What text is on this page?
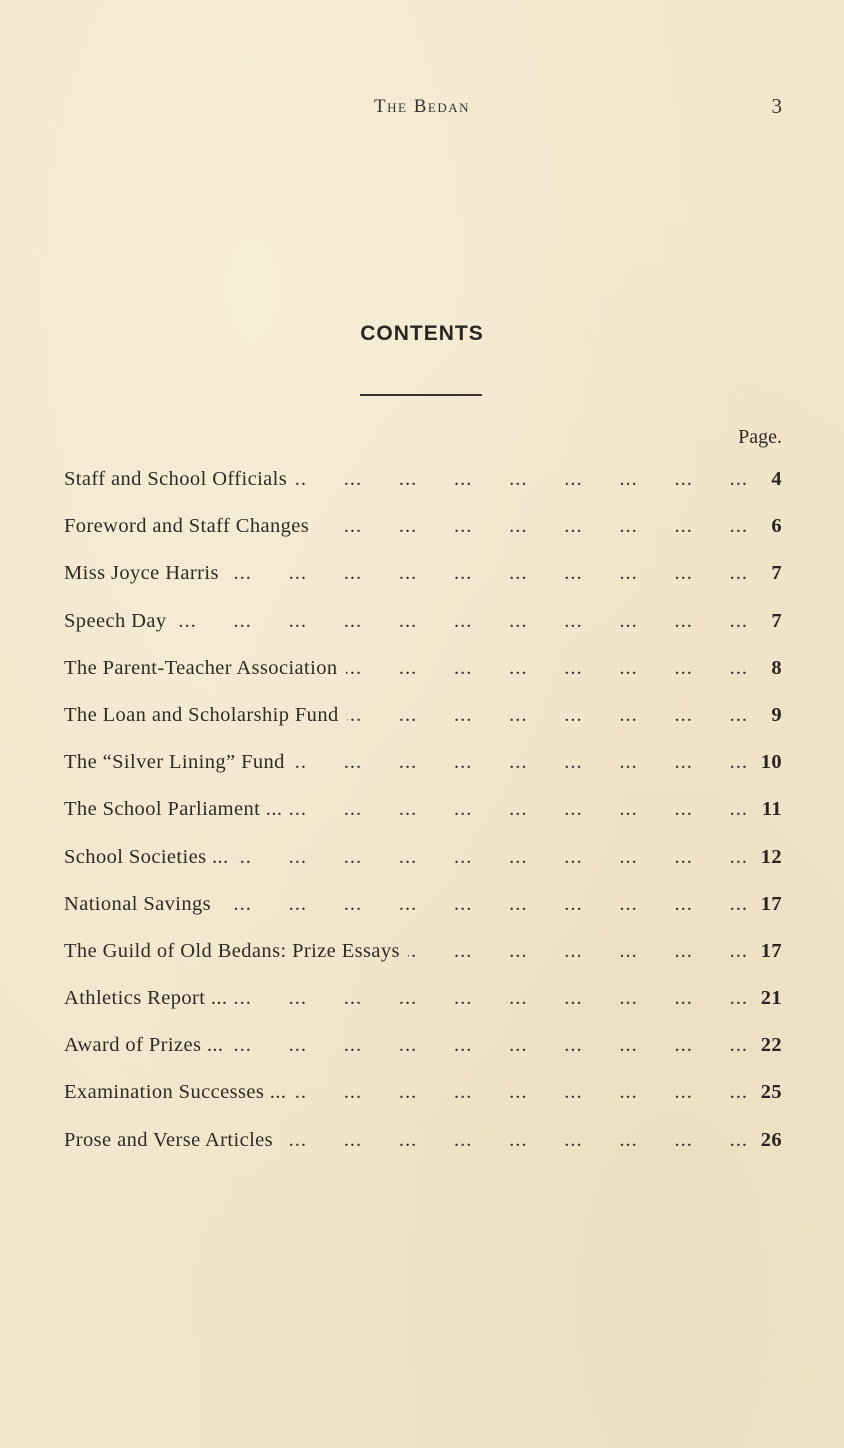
The Bedan	3
CONTENTS
Page.
Staff and School Officials ...	4
Foreword and Staff Changes ...	6
Miss Joyce Harris ...	7
Speech Day ...	7
The Parent-Teacher Association ...	8
The Loan and Scholarship Fund ...	9
The “Silver Lining” Fund ...	10
The School Parliament ... ...	11
School Societies ... ...	12
National Savings ...	17
The Guild of Old Bedans: Prize Essays ...	17
Athletics Report ... ...	21
Award of Prizes ... ...	22
Examination Successes ... ...	25
Prose and Verse Articles ...	26
